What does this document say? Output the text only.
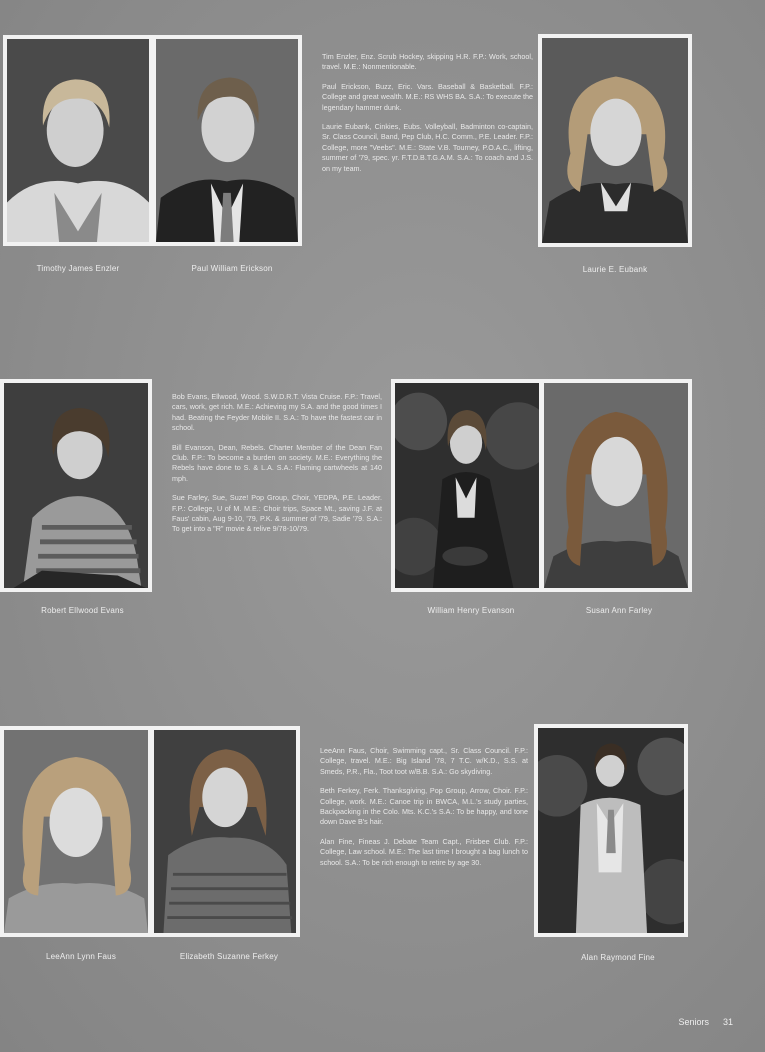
Tim Enzler, Enz. Scrub Hockey, skipping H.R. F.P.: Work, school, travel. M.E.: Nonmentionable.

Paul Erickson, Buzz, Eric. Vars. Baseball & Basketball. F.P.: College and great wealth. M.E.: RS WHS BA. S.A.: To execute the legendary hammer dunk.

Laurie Eubank, Cinkies, Eubs. Volleyball, Badminton co-captain, Sr. Class Council, Band, Pep Club, H.C. Comm., P.E. Leader. F.P.: College, more "Veebs". M.E.: State V.B. Tourney, P.O.A.C., lifting, summer of '79, spec. yr. F.T.D.B.T.G.A.M. S.A.: To coach and J.S. on my team.

Timothy James Enzler	Paul William Erickson	Laurie E. Eubank

Bob Evans, Ellwood, Wood. S.W.D.R.T. Vista Cruise. F.P.: Travel, cars, work, get rich. M.E.: Achieving my S.A. and the good times I had. Beating the Feyder Mobile II. S.A.: To have the fastest car in school.

Bill Evanson, Dean, Rebels. Charter Member of the Dean Fan Club. F.P.: To become a burden on society. M.E.: Everything the Rebels have done to S. & L.A. S.A.: Flaming cartwheels at 140 mph.

Sue Farley, Sue, Suze! Pop Group, Choir, YEDPA, P.E. Leader. F.P.: College, U of M. M.E.: Choir trips, Space Mt., saving J.F. at Faus' cabin, Aug 9-10, '79, P.K. & summer of '79, Sadie '79. S.A.: To get into a "R" movie & relive 9/78-10/79.

Robert Ellwood Evans	William Henry Evanson	Susan Ann Farley

LeeAnn Faus, Choir, Swimming capt., Sr. Class Council. F.P.: College, travel. M.E.: Big Island '78, 7 T.C. w/K.D., S.S. at Smeds, P.R., Fla., Toot toot w/B.B. S.A.: Go skydiving.

Beth Ferkey, Ferk. Thanksgiving, Pop Group, Arrow, Choir. F.P.: College, work. M.E.: Canoe trip in BWCA, M.L.'s study parties, Backpacking in the Colo. Mts. K.C.'s S.A.: To be happy, and tone down Dave B's hair.

Alan Fine, Fineas J. Debate Team Capt., Frisbee Club. F.P.: College, Law school. M.E.: The last time I brought a bag lunch to school. S.A.: To be rich enough to retire by age 30.

LeeAnn Lynn Faus	Elizabeth Suzanne Ferkey	Alan Raymond Fine
Seniors 31
